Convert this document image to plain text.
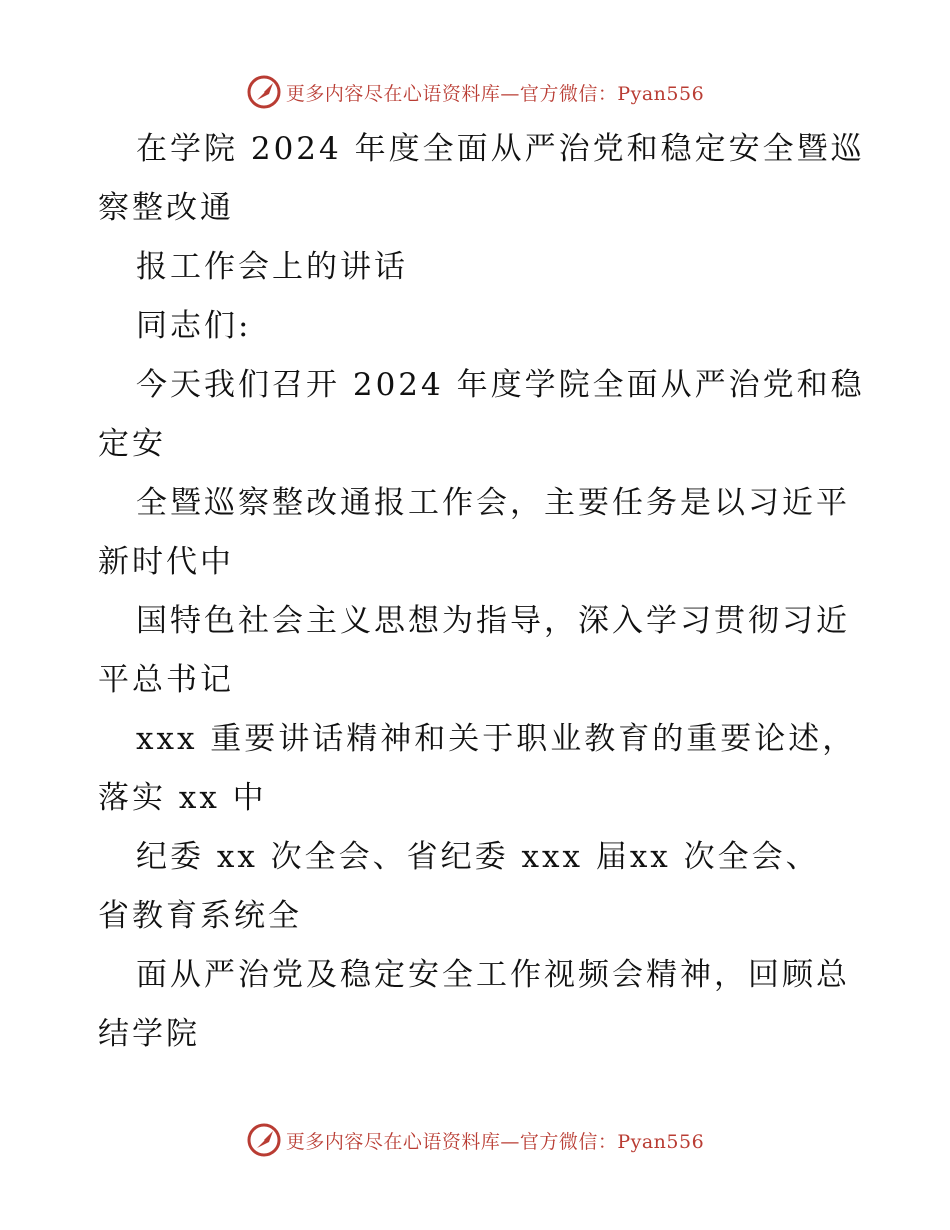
更多内容尽在心语资料库— 官方微信：Pyan556

在学院 2024 年度全面从严治党和稳定安全暨巡
察整改通

报工作会上的讲话

同志们:

今天我们召开 2024 年度学院全面从严治党和稳
定安

全暨巡察整改通报工作会，主要任务是以习近平
新时代中

国特色社会主义思想为指导，深入学习贯彻习近
平总书记

xxx 重要讲话精神和关于职业教育的重要论述，
落实 xx 中

纪委 xx 次全会、省纪委 xxx 届xx 次全会、
省教育系统全

面从严治党及稳定安全工作视频会精神，回顾总
结学院

更多内容尽在心语资料库— 官方微信：Pyan556
